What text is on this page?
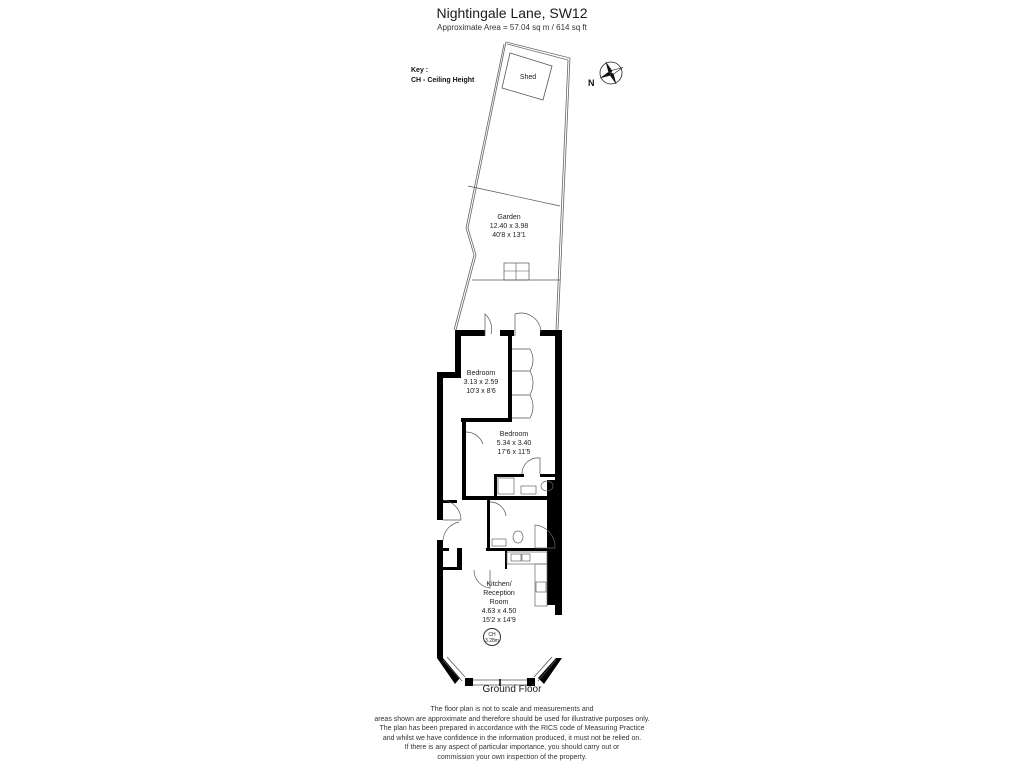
Nightingale Lane, SW12
Approximate Area = 57.04 sq m / 614 sq ft
Key :
CH - Ceiling Height	N
Shed
Garden
12.40 x 3.98
40'8 x 13'1
Bedroom
3.13 x 2.59
10'3 x 8'6
Bedroom
5.34 x 3.40
17'6 x 11'5
Kitchen/
Reception
Room
4.63 x 4.50
15'2 x 14'9
CH
3.28m
Ground Floor
The floor plan is not to scale and measurements and
areas shown are approximate and therefore should be used for illustrative purposes only.
The plan has been prepared in accordance with the RICS code of Measuring Practice
and whilst we have confidence in the information produced, it must not be relied on.
If there is any aspect of particular importance, you should carry out or
commission your own inspection of the property.
